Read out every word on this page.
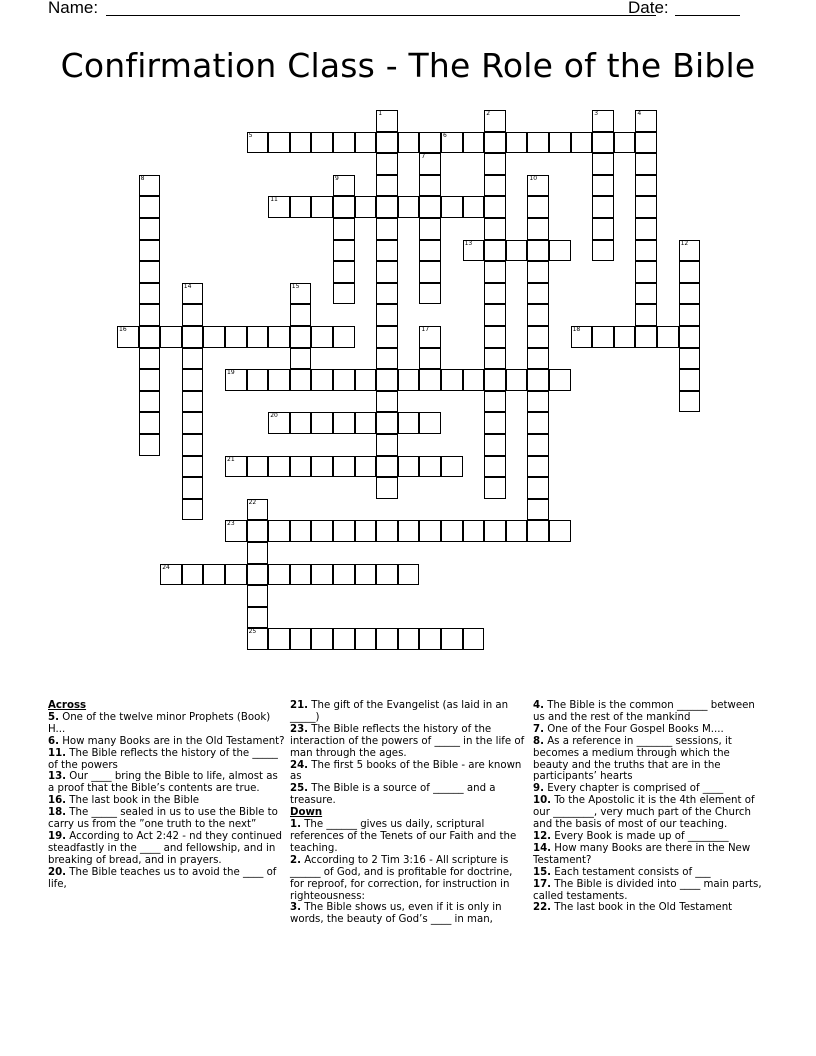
Name:	Date:
Confirmation Class - The Role of the Bible
5	6
11
13
16	18
19
20
21
23
24
25
1	2	3	4
7
8	9	10
12
14	15
17
22
Across
5. One of the twelve minor Prophets (Book) H...
6. How many Books are in the Old Testament?
11. The Bible reflects the history of the _____ of the powers
13. Our ____ bring the Bible to life, almost as a proof that the Bible’s contents are true.
16. The last book in the Bible
18. The _____ sealed in us to use the Bible to carry us from the ”one truth to the next”
19. According to Act 2:42 - nd they continued steadfastly in the ____ and fellowship, and in breaking of bread, and in prayers.
20. The Bible teaches us to avoid the ____ of life,
21. The gift of the Evangelist (as laid in an _____)
23. The Bible reflects the history of the interaction of the powers of _____ in the life of man through the ages.
24. The first 5 books of the Bible - are known as
25. The Bible is a source of ______ and a treasure.
Down
1. The ______ gives us daily, scriptural references of the Tenets of our Faith and the teaching.
2. According to 2 Tim 3:16 - All scripture is ______ of God, and is profitable for doctrine, for reproof, for correction, for instruction in righteousness:
3. The Bible shows us, even if it is only in words, the beauty of God’s ____ in man,
4. The Bible is the common ______ between us and the rest of the mankind
7. One of the Four Gospel Books M....
8. As a reference in _______ sessions, it becomes a medium through which the beauty and the truths that are in the participants’ hearts
9. Every chapter is comprised of ____
10. To the Apostolic it is the 4th element of our ________, very much part of the Church and the basis of most of our teaching.
12. Every Book is made up of ________
14. How many Books are there in the New Testament?
15. Each testament consists of ___
17. The Bible is divided into ____ main parts, called testaments.
22. The last book in the Old Testament
